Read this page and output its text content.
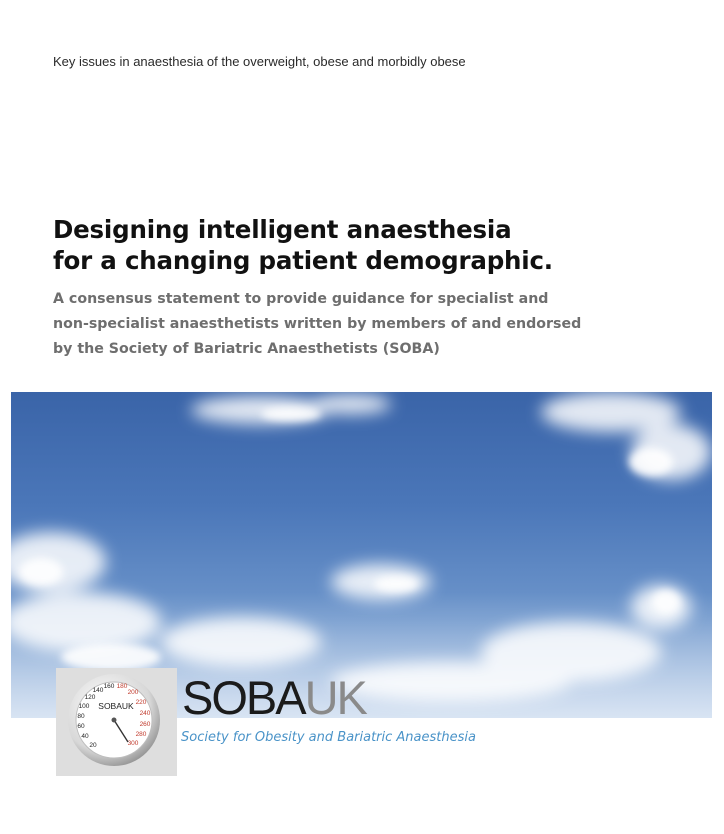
Key issues in anaesthesia of the overweight, obese and morbidly obese
Designing intelligent anaesthesia
for a changing patient demographic.

A consensus statement to provide guidance for specialist and
non-specialist anaesthetists written by members of and endorsed
by the Society of Bariatric Anaesthetists (SOBA)

20
40
60
80
100
120
140
160 180
200
220
240
260
280
300
SOBAUK SOBAUK
Society for Obesity and Bariatric Anaesthesia
